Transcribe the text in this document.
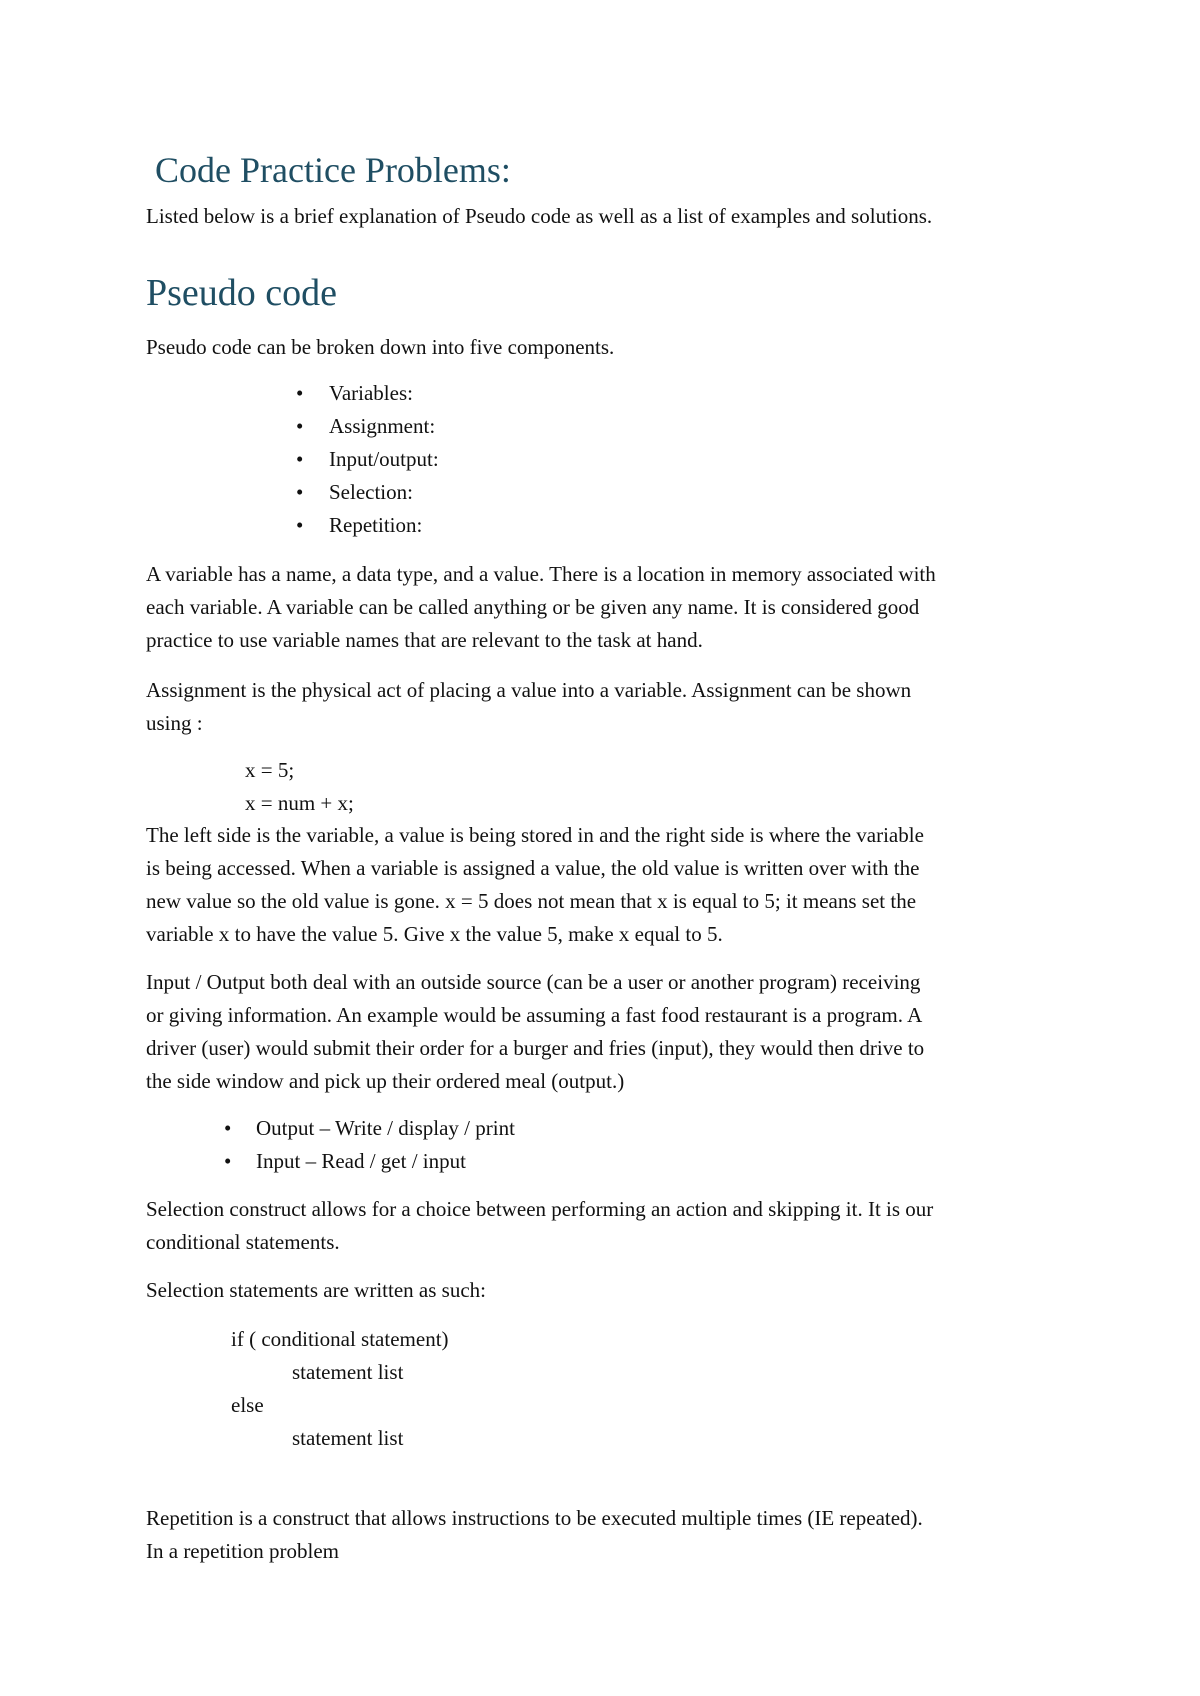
Code Practice Problems:
Listed below is a brief explanation of Pseudo code as well as a list of examples and solutions.
Pseudo code
Pseudo code can be broken down into five components.
• Variables:
• Assignment:
• Input/output:
• Selection:
• Repetition:
A variable has a name, a data type, and a value. There is a location in memory associated with
each variable. A variable can be called anything or be given any name. It is considered good
practice to use variable names that are relevant to the task at hand.
Assignment is the physical act of placing a value into a variable. Assignment can be shown
using :
x = 5;
x = num + x;
The left side is the variable, a value is being stored in and the right side is where the variable
is being accessed. When a variable is assigned a value, the old value is written over with the
new value so the old value is gone. x = 5 does not mean that x is equal to 5; it means set the
variable x to have the value 5. Give x the value 5, make x equal to 5.
Input / Output both deal with an outside source (can be a user or another program) receiving
or giving information. An example would be assuming a fast food restaurant is a program. A
driver (user) would submit their order for a burger and fries (input), they would then drive to
the side window and pick up their ordered meal (output.)
• Output – Write / display / print
• Input – Read / get / input
Selection construct allows for a choice between performing an action and skipping it. It is our
conditional statements.
Selection statements are written as such:
if ( conditional statement)
statement list
else
statement list
Repetition is a construct that allows instructions to be executed multiple times (IE repeated).
In a repetition problem
